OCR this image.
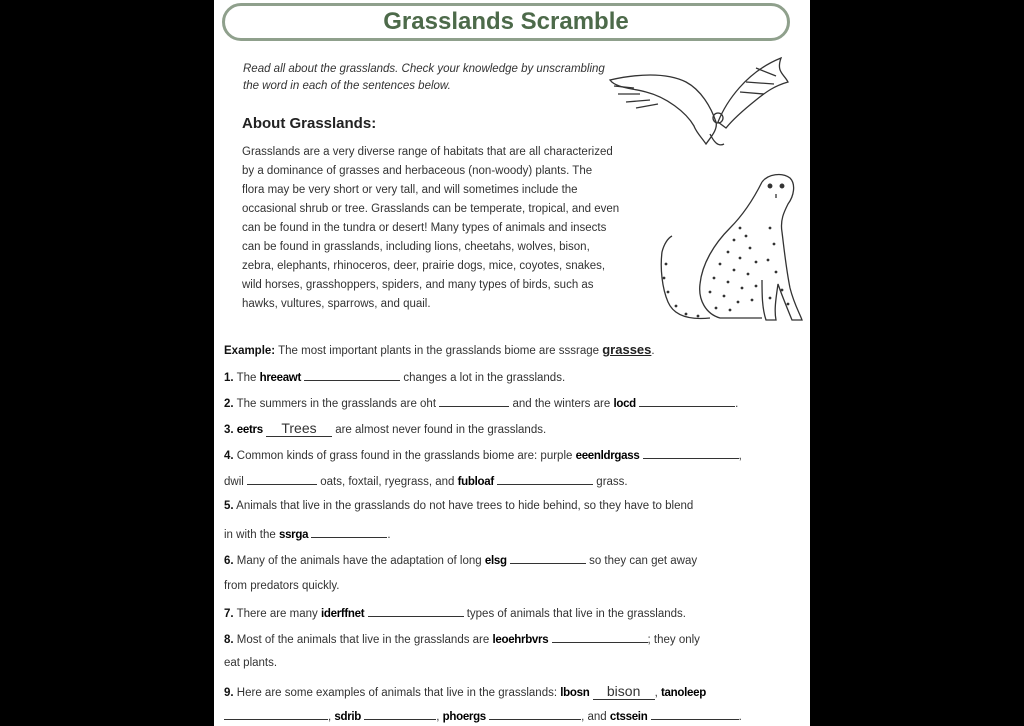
Grasslands Scramble
Read all about the grasslands. Check your knowledge by unscrambling
the word in each of the sentences below.
About Grasslands:
Grasslands are a very diverse range of habitats that are all characterized
by a dominance of grasses and herbaceous (non-woody) plants. The
flora may be very short or very tall, and will sometimes include the
occasional shrub or tree. Grasslands can be temperate, tropical, and even
can be found in the tundra or desert! Many types of animals and insects
can be found in grasslands, including lions, cheetahs, wolves, bison,
zebra, elephants, rhinoceros, deer, prairie dogs, mice, coyotes, snakes,
wild horses, grasshoppers, spiders, and many types of birds, such as
hawks, vultures, sparrows, and quail.
Example: The most important plants in the grasslands biome are sssrage grasses.
1. The hreeawt	changes a lot in the grasslands.
2. The summers in the grasslands are oht	and the winters are locd	.
3. eetrs Trees are almost never found in the grasslands.
4. Common kinds of grass found in the grasslands biome are: purple eeenldrgass	,
dwil	oats, foxtail, ryegrass, and fubloaf	grass.
5. Animals that live in the grasslands do not have trees to hide behind, so they have to blend
in with the ssrga	.
6. Many of the animals have the adaptation of long elsg	so they can get away
from predators quickly.
7. There are many iderffnet	types of animals that live in the grasslands.
8. Most of the animals that live in the grasslands are leoehrbvrs	; they only
eat plants.
9. Here are some examples of animals that live in the grasslands: lbosn bison , tanoleep
, sdrib	, phoergs	, and ctssein	.
